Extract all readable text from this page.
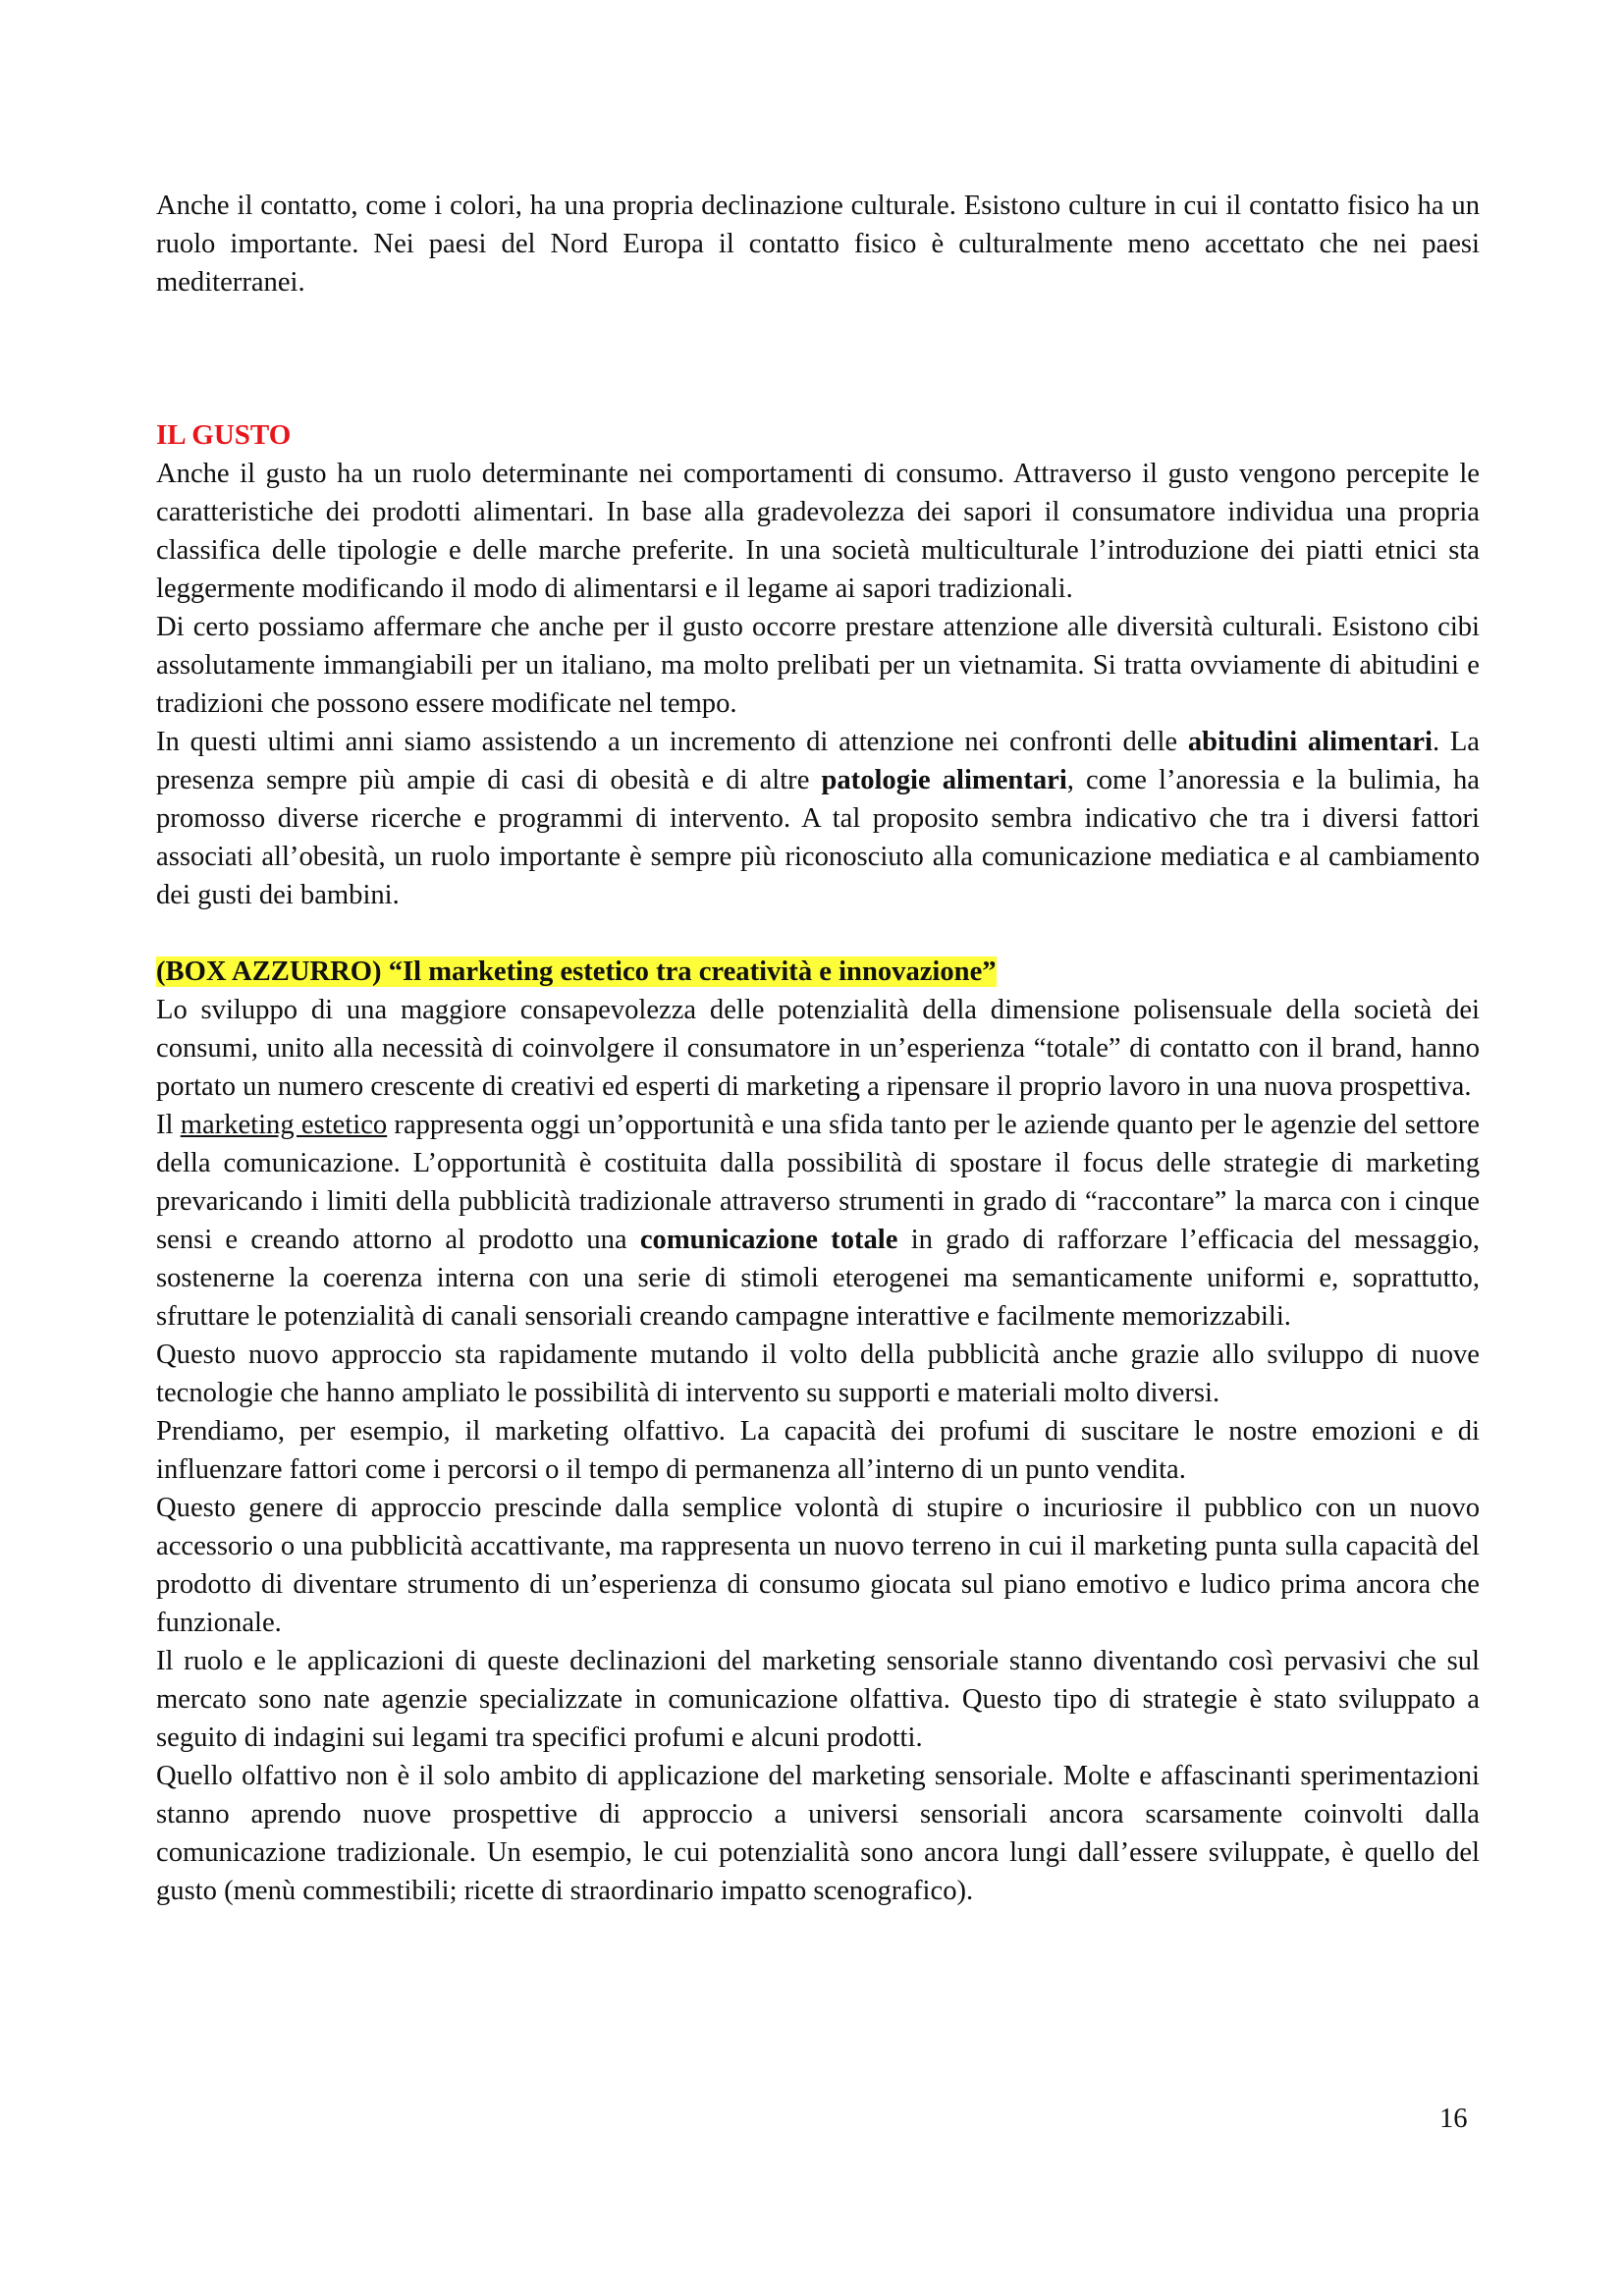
Anche il contatto, come i colori, ha una propria declinazione culturale. Esistono culture in cui il contatto fisico ha un ruolo importante. Nei paesi del Nord Europa il contatto fisico è culturalmente meno accettato che nei paesi mediterranei.

IL GUSTO

Anche il gusto ha un ruolo determinante nei comportamenti di consumo. Attraverso il gusto vengono percepite le caratteristiche dei prodotti alimentari. In base alla gradevolezza dei sapori il consumatore individua una propria classifica delle tipologie e delle marche preferite. In una società multiculturale l’introduzione dei piatti etnici sta leggermente modificando il modo di alimentarsi e il legame ai sapori tradizionali.

Di certo possiamo affermare che anche per il gusto occorre prestare attenzione alle diversità culturali. Esistono cibi assolutamente immangiabili per un italiano, ma molto prelibati per un vietnamita. Si tratta ovviamente di abitudini e tradizioni che possono essere modificate nel tempo.

In questi ultimi anni siamo assistendo a un incremento di attenzione nei confronti delle abitudini alimentari. La presenza sempre più ampie di casi di obesità e di altre patologie alimentari, come l’anoressia e la bulimia, ha promosso diverse ricerche e programmi di intervento. A tal proposito sembra indicativo che tra i diversi fattori associati all’obesità, un ruolo importante è sempre più riconosciuto alla comunicazione mediatica e al cambiamento dei gusti dei bambini.

(BOX AZZURRO) “Il marketing estetico tra creatività e innovazione”

Lo sviluppo di una maggiore consapevolezza delle potenzialità della dimensione polisensuale della società dei consumi, unito alla necessità di coinvolgere il consumatore in un’esperienza “totale” di contatto con il brand, hanno portato un numero crescente di creativi ed esperti di marketing a ripensare il proprio lavoro in una nuova prospettiva.

Il marketing estetico rappresenta oggi un’opportunità e una sfida tanto per le aziende quanto per le agenzie del settore della comunicazione. L’opportunità è costituita dalla possibilità di spostare il focus delle strategie di marketing prevaricando i limiti della pubblicità tradizionale attraverso strumenti in grado di “raccontare” la marca con i cinque sensi e creando attorno al prodotto una comunicazione totale in grado di rafforzare l’efficacia del messaggio, sostenerne la coerenza interna con una serie di stimoli eterogenei ma semanticamente uniformi e, soprattutto, sfruttare le potenzialità di canali sensoriali creando campagne interattive e facilmente memorizzabili.

Questo nuovo approccio sta rapidamente mutando il volto della pubblicità anche grazie allo sviluppo di nuove tecnologie che hanno ampliato le possibilità di intervento su supporti e materiali molto diversi.

Prendiamo, per esempio, il marketing olfattivo. La capacità dei profumi di suscitare le nostre emozioni e di influenzare fattori come i percorsi o il tempo di permanenza all’interno di un punto vendita.

Questo genere di approccio prescinde dalla semplice volontà di stupire o incuriosire il pubblico con un nuovo accessorio o una pubblicità accattivante, ma rappresenta un nuovo terreno in cui il marketing punta sulla capacità del prodotto di diventare strumento di un’esperienza di consumo giocata sul piano emotivo e ludico prima ancora che funzionale.

Il ruolo e le applicazioni di queste declinazioni del marketing sensoriale stanno diventando così pervasivi che sul mercato sono nate agenzie specializzate in comunicazione olfattiva. Questo tipo di strategie è stato sviluppato a seguito di indagini sui legami tra specifici profumi e alcuni prodotti.

Quello olfattivo non è il solo ambito di applicazione del marketing sensoriale. Molte e affascinanti sperimentazioni stanno aprendo nuove prospettive di approccio a universi sensoriali ancora scarsamente coinvolti dalla comunicazione tradizionale. Un esempio, le cui potenzialità sono ancora lungi dall’essere sviluppate, è quello del gusto (menù commestibili; ricette di straordinario impatto scenografico).

16
